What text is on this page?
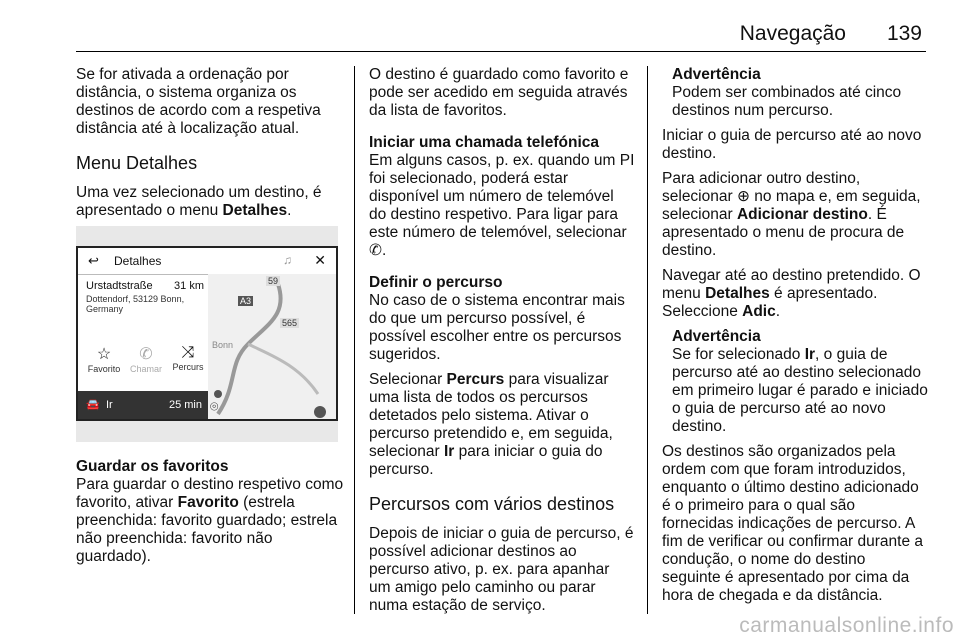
Navegação 139

Se for ativada a ordenação por distância, o sistema organiza os destinos de acordo com a respetiva distância até à localização atual.

Menu Detalhes

Uma vez selecionado um destino, é apresentado o menu Detalhes.

↩ Detalhes	♫ ✕
Urstadtstraße 31 km
Dottendorf, 53129 Bonn, Germany
☆
Favorito
✆
Chamar
⤨
Percurs
🚘 Ir	25 min
Bonn
59
565
A3
⌾
Guardar os favoritos

Para guardar o destino respetivo como favorito, ativar Favorito (estrela preenchida: favorito guardado; estrela não preenchida: favorito não guardado).

O destino é guardado como favorito e pode ser acedido em seguida através da lista de favoritos.

Iniciar uma chamada telefónica

Em alguns casos, p. ex. quando um PI foi selecionado, poderá estar disponível um número de telemóvel do destino respetivo. Para ligar para este número de telemóvel, selecionar ✆.

Definir o percurso

No caso de o sistema encontrar mais do que um percurso possível, é possível escolher entre os percursos sugeridos.

Selecionar Percurs para visualizar uma lista de todos os percursos detetados pelo sistema. Ativar o percurso pretendido e, em seguida, selecionar Ir para iniciar o guia do percurso.

Percursos com vários destinos

Depois de iniciar o guia de percurso, é possível adicionar destinos ao percurso ativo, p. ex. para apanhar um amigo pelo caminho ou parar numa estação de serviço.

Advertência
Podem ser combinados até cinco destinos num percurso.

Iniciar o guia de percurso até ao novo destino.

Para adicionar outro destino, selecionar ⊕ no mapa e, em seguida, selecionar Adicionar destino. É apresentado o menu de procura de destino.

Navegar até ao destino pretendido. O menu Detalhes é apresentado. Seleccione Adic.

Advertência
Se for selecionado Ir, o guia de percurso até ao destino selecionado em primeiro lugar é parado e iniciado o guia de percurso até ao novo destino.

Os destinos são organizados pela ordem com que foram introduzidos, enquanto o último destino adicionado é o primeiro para o qual são fornecidas indicações de percurso. A fim de verificar ou confirmar durante a condução, o nome do destino seguinte é apresentado por cima da hora de chegada e da distância.

carmanualsonline.info
